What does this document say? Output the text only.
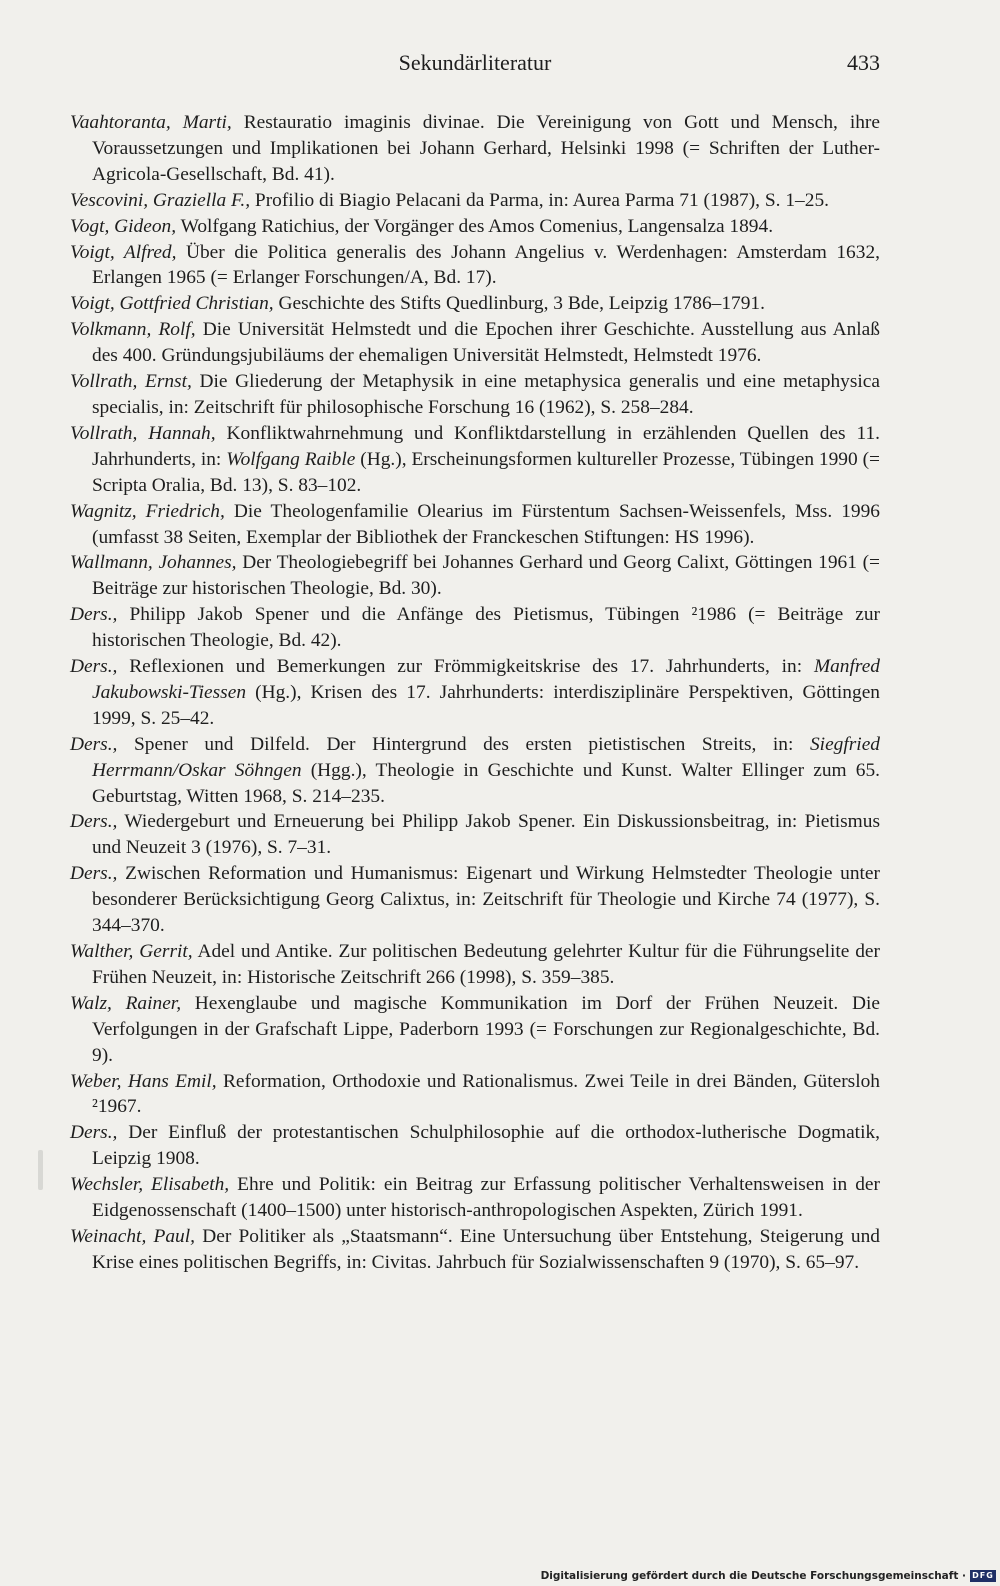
Sekundärliteratur	433

Vaahtoranta, Marti, Restauratio imaginis divinae. Die Vereinigung von Gott und Mensch, ihre Voraussetzungen und Implikationen bei Johann Gerhard, Helsinki 1998 (= Schriften der Luther-Agricola-Gesellschaft, Bd. 41).

Vescovini, Graziella F., Profilio di Biagio Pelacani da Parma, in: Aurea Parma 71 (1987), S. 1–25.

Vogt, Gideon, Wolfgang Ratichius, der Vorgänger des Amos Comenius, Langensalza 1894.

Voigt, Alfred, Über die Politica generalis des Johann Angelius v. Werdenhagen: Amsterdam 1632, Erlangen 1965 (= Erlanger Forschungen/A, Bd. 17).

Voigt, Gottfried Christian, Geschichte des Stifts Quedlinburg, 3 Bde, Leipzig 1786–1791.

Volkmann, Rolf, Die Universität Helmstedt und die Epochen ihrer Geschichte. Ausstellung aus Anlaß des 400. Gründungsjubiläums der ehemaligen Universität Helmstedt, Helmstedt 1976.

Vollrath, Ernst, Die Gliederung der Metaphysik in eine metaphysica generalis und eine metaphysica specialis, in: Zeitschrift für philosophische Forschung 16 (1962), S. 258–284.

Vollrath, Hannah, Konfliktwahrnehmung und Konfliktdarstellung in erzählenden Quellen des 11. Jahrhunderts, in: Wolfgang Raible (Hg.), Erscheinungsformen kultureller Prozesse, Tübingen 1990 (= Scripta Oralia, Bd. 13), S. 83–102.

Wagnitz, Friedrich, Die Theologenfamilie Olearius im Fürstentum Sachsen-Weissenfels, Mss. 1996 (umfasst 38 Seiten, Exemplar der Bibliothek der Franckeschen Stiftungen: HS 1996).

Wallmann, Johannes, Der Theologiebegriff bei Johannes Gerhard und Georg Calixt, Göttingen 1961 (= Beiträge zur historischen Theologie, Bd. 30).

Ders., Philipp Jakob Spener und die Anfänge des Pietismus, Tübingen ²1986 (= Beiträge zur historischen Theologie, Bd. 42).

Ders., Reflexionen und Bemerkungen zur Frömmigkeitskrise des 17. Jahrhunderts, in: Manfred Jakubowski-Tiessen (Hg.), Krisen des 17. Jahrhunderts: interdisziplinäre Perspektiven, Göttingen 1999, S. 25–42.

Ders., Spener und Dilfeld. Der Hintergrund des ersten pietistischen Streits, in: Siegfried Herrmann/Oskar Söhngen (Hgg.), Theologie in Geschichte und Kunst. Walter Ellinger zum 65. Geburtstag, Witten 1968, S. 214–235.

Ders., Wiedergeburt und Erneuerung bei Philipp Jakob Spener. Ein Diskussionsbeitrag, in: Pietismus und Neuzeit 3 (1976), S. 7–31.

Ders., Zwischen Reformation und Humanismus: Eigenart und Wirkung Helmstedter Theologie unter besonderer Berücksichtigung Georg Calixtus, in: Zeitschrift für Theologie und Kirche 74 (1977), S. 344–370.

Walther, Gerrit, Adel und Antike. Zur politischen Bedeutung gelehrter Kultur für die Führungselite der Frühen Neuzeit, in: Historische Zeitschrift 266 (1998), S. 359–385.

Walz, Rainer, Hexenglaube und magische Kommunikation im Dorf der Frühen Neuzeit. Die Verfolgungen in der Grafschaft Lippe, Paderborn 1993 (= Forschungen zur Regionalgeschichte, Bd. 9).

Weber, Hans Emil, Reformation, Orthodoxie und Rationalismus. Zwei Teile in drei Bänden, Gütersloh ²1967.

Ders., Der Einfluß der protestantischen Schulphilosophie auf die orthodox-lutherische Dogmatik, Leipzig 1908.

Wechsler, Elisabeth, Ehre und Politik: ein Beitrag zur Erfassung politischer Verhaltensweisen in der Eidgenossenschaft (1400–1500) unter historisch-anthropologischen Aspekten, Zürich 1991.

Weinacht, Paul, Der Politiker als „Staatsmann“. Eine Untersuchung über Entstehung, Steigerung und Krise eines politischen Begriffs, in: Civitas. Jahrbuch für Sozialwissenschaften 9 (1970), S. 65–97.

Digitalisierung gefördert durch die Deutsche Forschungsgemeinschaft · DFG
